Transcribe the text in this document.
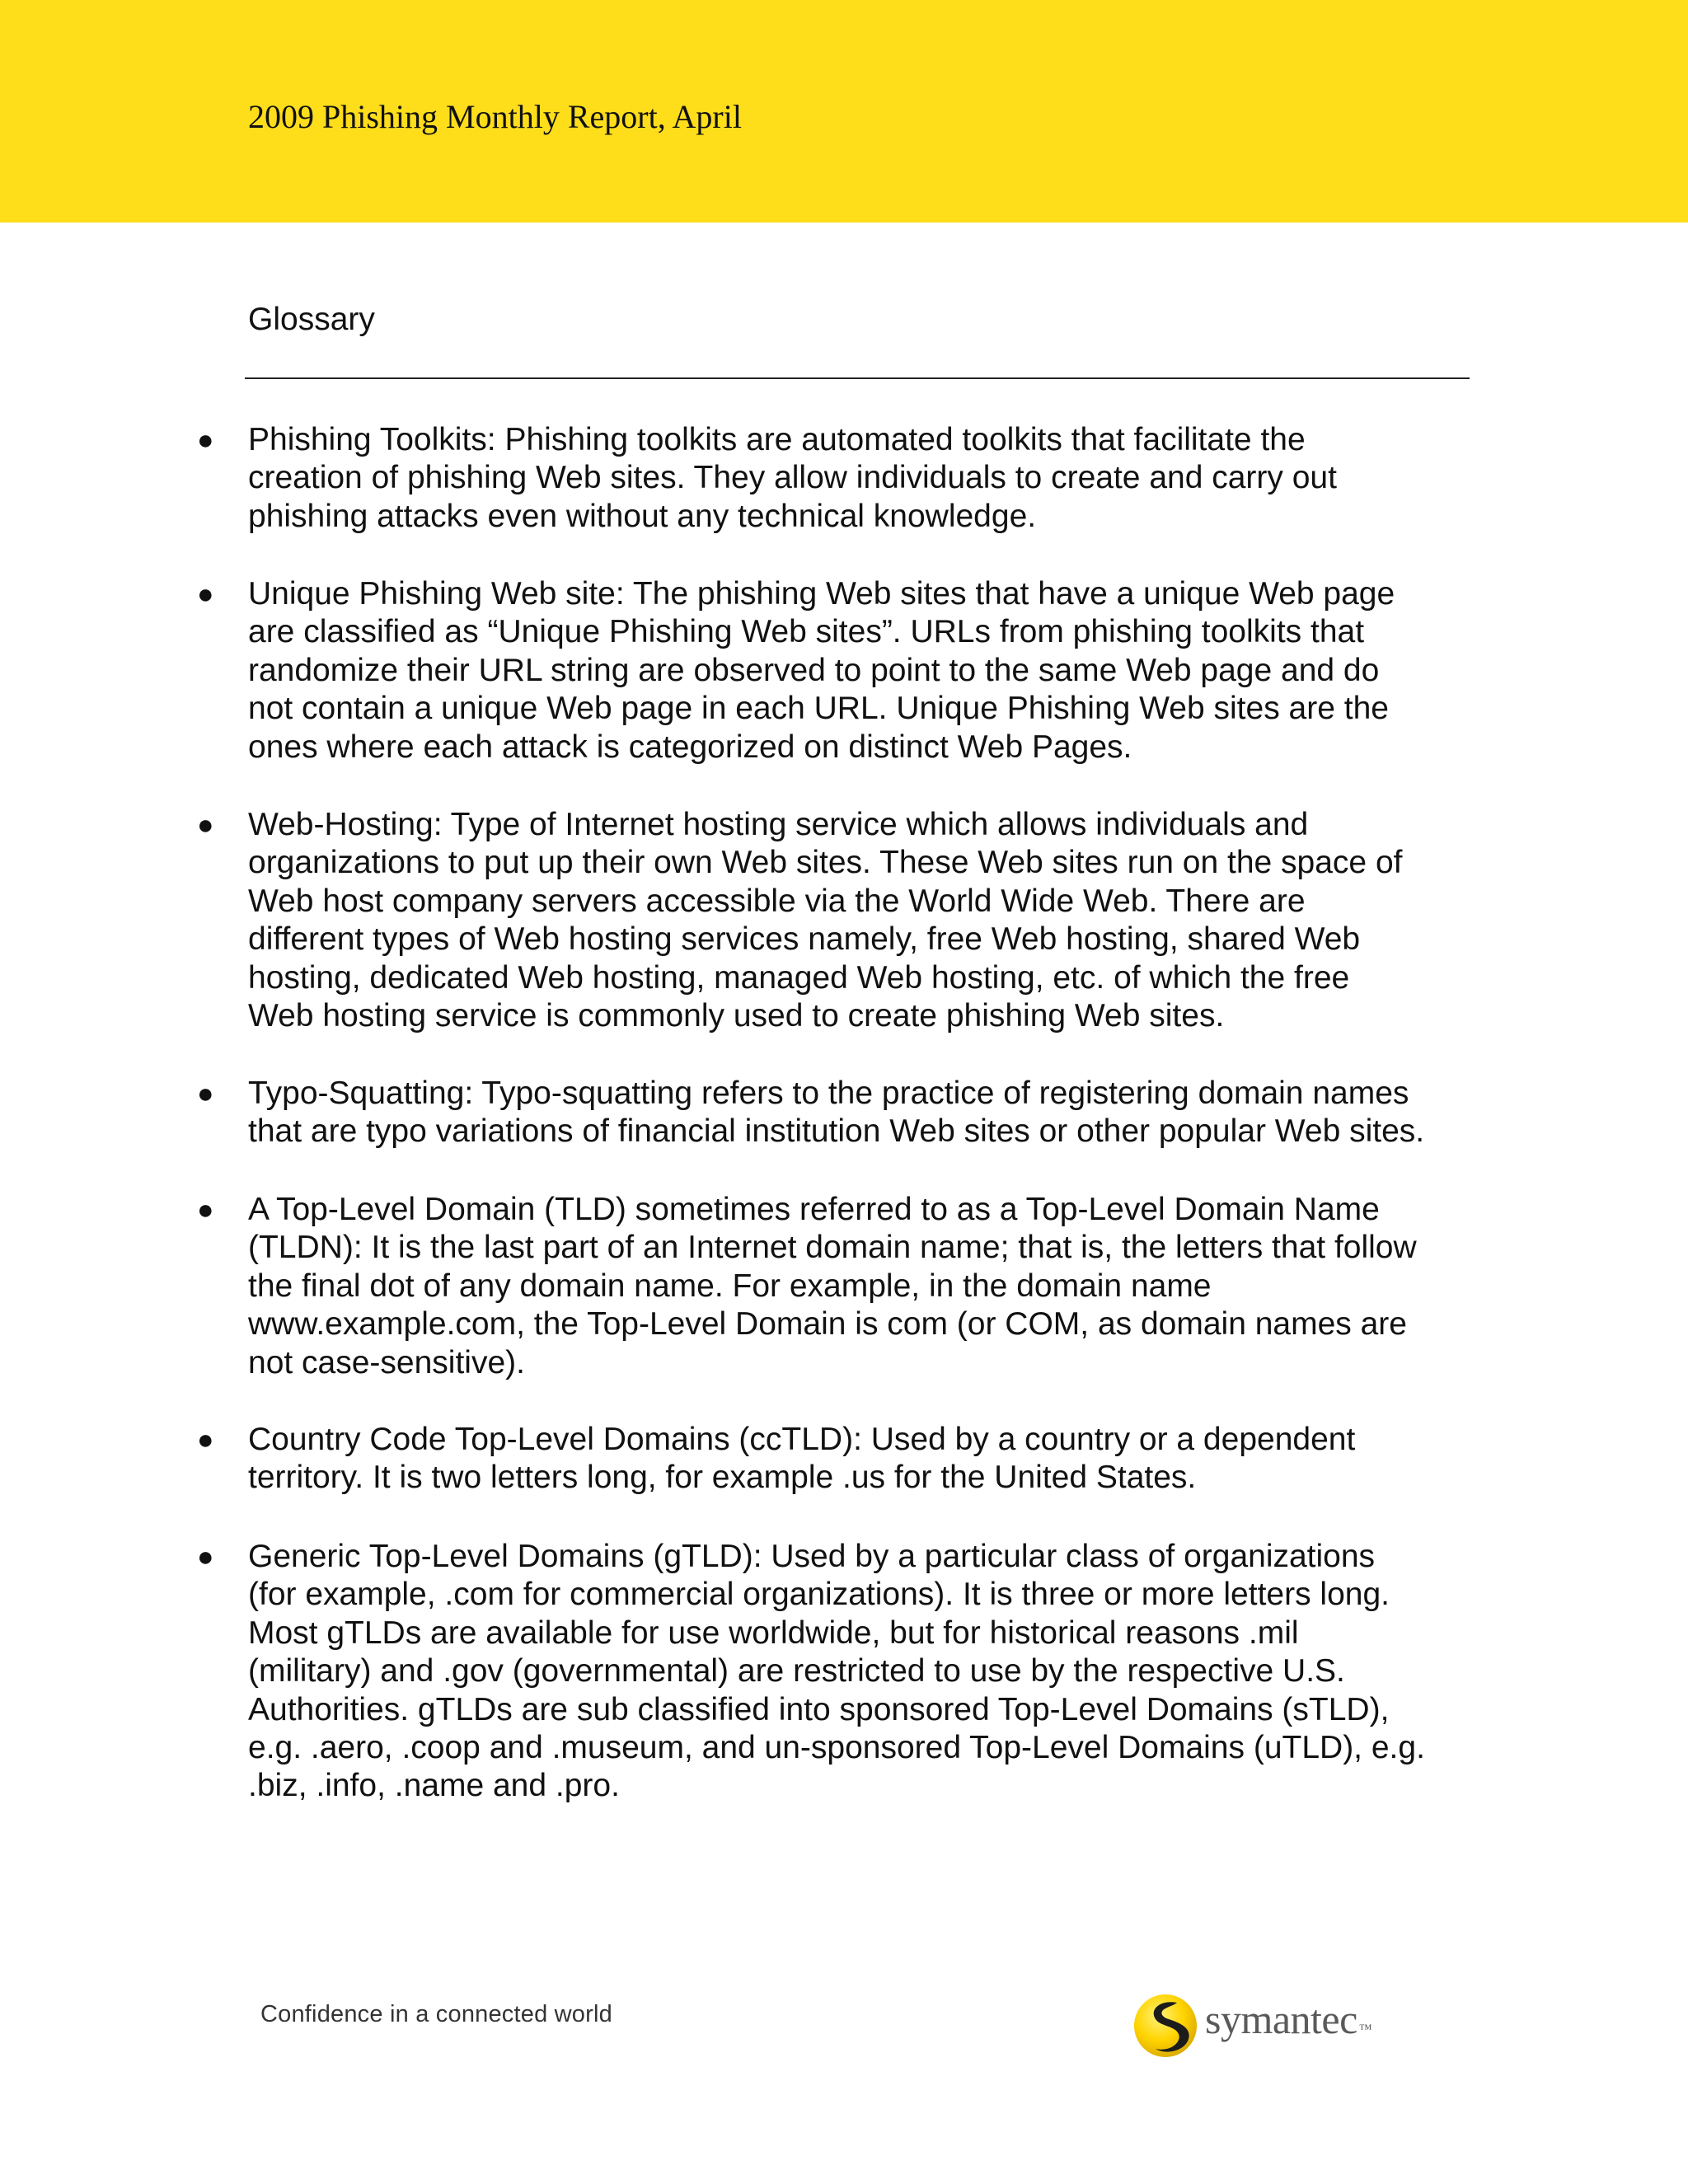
2009 Phishing Monthly Report, April
Glossary
● Phishing Toolkits: Phishing toolkits are automated toolkits that facilitate the
creation of phishing Web sites. They allow individuals to create and carry out
phishing attacks even without any technical knowledge.
● Unique Phishing Web site: The phishing Web sites that have a unique Web page
are classified as “Unique Phishing Web sites”. URLs from phishing toolkits that
randomize their URL string are observed to point to the same Web page and do
not contain a unique Web page in each URL. Unique Phishing Web sites are the
ones where each attack is categorized on distinct Web Pages.
● Web-Hosting: Type of Internet hosting service which allows individuals and
organizations to put up their own Web sites. These Web sites run on the space of
Web host company servers accessible via the World Wide Web. There are
different types of Web hosting services namely, free Web hosting, shared Web
hosting, dedicated Web hosting, managed Web hosting, etc. of which the free
Web hosting service is commonly used to create phishing Web sites.
● Typo-Squatting: Typo-squatting refers to the practice of registering domain names
that are typo variations of financial institution Web sites or other popular Web sites.
● A Top-Level Domain (TLD) sometimes referred to as a Top-Level Domain Name
(TLDN): It is the last part of an Internet domain name; that is, the letters that follow
the final dot of any domain name. For example, in the domain name
www.example.com, the Top-Level Domain is com (or COM, as domain names are
not case-sensitive).
● Country Code Top-Level Domains (ccTLD): Used by a country or a dependent
territory. It is two letters long, for example .us for the United States.
● Generic Top-Level Domains (gTLD): Used by a particular class of organizations
(for example, .com for commercial organizations). It is three or more letters long.
Most gTLDs are available for use worldwide, but for historical reasons .mil
(military) and .gov (governmental) are restricted to use by the respective U.S.
Authorities. gTLDs are sub classified into sponsored Top-Level Domains (sTLD),
e.g. .aero, .coop and .museum, and un-sponsored Top-Level Domains (uTLD), e.g.
.biz, .info, .name and .pro.
Confidence in a connected world	symantec ™
